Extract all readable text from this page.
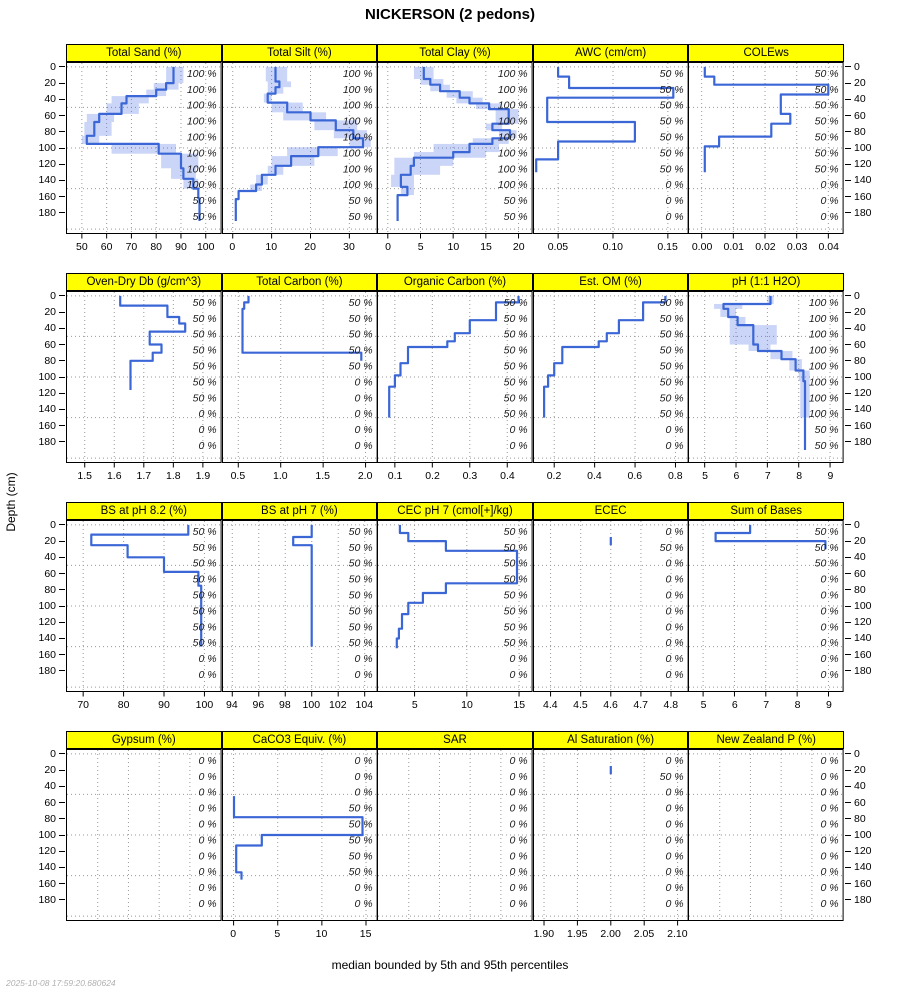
NICKERSON (2 pedons)
Depth (cm)
0	0
20	20
40	40
60	60
80	80
100	100
120	120
140	140
160	160
180	180
Total Sand (%)
100 %
100 %
100 %
100 %
100 %
100 %
100 %
100 %
50 %
50 %
50	60	70	80	90 100
Total Silt (%)
100 %
100 %
100 %
100 %
100 %
100 %
100 %
100 %
50 %
50 %
0	10	20	30
Total Clay (%)
100 %
100 %
100 %
100 %
100 %
100 %
100 %
100 %
50 %
50 %
0	5	10	15	20
AWC (cm/cm)
50 %
50 %
50 %
50 %
50 %
50 %
50 %
0 %
0 %
0 %
0.05	0.10	0.15
COLEws
50 %
50 %
50 %
50 %
50 %
50 %
50 %
0 %
0 %
0 %
0.00	0.01	0.02	0.03	0.04
0	0
20	20
40	40
60	60
80	80
100	100
120	120
140	140
160	160
180	180
Oven-Dry Db (g/cm^3)
50 %
50 %
50 %
50 %
50 %
50 %
50 %
0 %
0 %
0 %
1.5	1.6	1.7	1.8	1.9
Total Carbon (%)
50 %
50 %
50 %
50 %
50 %
0 %
0 %
0 %
0 %
0 %
0.5	1.0	1.5	2.0
Organic Carbon (%)
50 %
50 %
50 %
50 %
50 %
50 %
50 %
50 %
0 %
0 %
0.1	0.2	0.3	0.4
Est. OM (%)
50 %
50 %
50 %
50 %
50 %
50 %
50 %
50 %
0 %
0 %
0.2	0.4	0.6	0.8
pH (1:1 H2O)
100 %
100 %
100 %
100 %
100 %
100 %
100 %
100 %
50 %
50 %
5	6	7	8	9
0	0
20	20
40	40
60	60
80	80
100	100
120	120
140	140
160	160
180	180
BS at pH 8.2 (%)
50 %
50 %
50 %
50 %
50 %
50 %
50 %
50 %
0 %
0 %
70	80	90	100
BS at pH 7 (%)
50 %
50 %
50 %
50 %
50 %
50 %
50 %
50 %
0 %
0 %
94	96	98	100 102 104
CEC pH 7 (cmol[+]/kg)
50 %
50 %
50 %
50 %
50 %
50 %
50 %
50 %
0 %
0 %
5	10	15
ECEC
0 %
50 %
0 %
0 %
0 %
0 %
0 %
0 %
0 %
0 %
4.4	4.5	4.6	4.7	4.8
Sum of Bases
50 %
50 %
50 %
0 %
0 %
0 %
0 %
0 %
0 %
0 %
5	6	7	8	9
0	0
20	20
40	40
60	60
80	80
100	100
120	120
140	140
160	160
180	180
Gypsum (%)
0 %
0 %
0 %
0 %
0 %
0 %
0 %
0 %
0 %
0 %
CaCO3 Equiv. (%)
0 %
0 %
0 %
50 %
50 %
50 %
50 %
50 %
0 %
0 %
0	5	10	15
SAR
0 %
0 %
0 %
0 %
0 %
0 %
0 %
0 %
0 %
0 %
Al Saturation (%)
0 %
50 %
0 %
0 %
0 %
0 %
0 %
0 %
0 %
0 %
1.90	1.95	2.00	2.05	2.10
New Zealand P (%)
0 %
0 %
0 %
0 %
0 %
0 %
0 %
0 %
0 %
0 %
median bounded by 5th and 95th percentiles
2025-10-08 17:59:20.680624
